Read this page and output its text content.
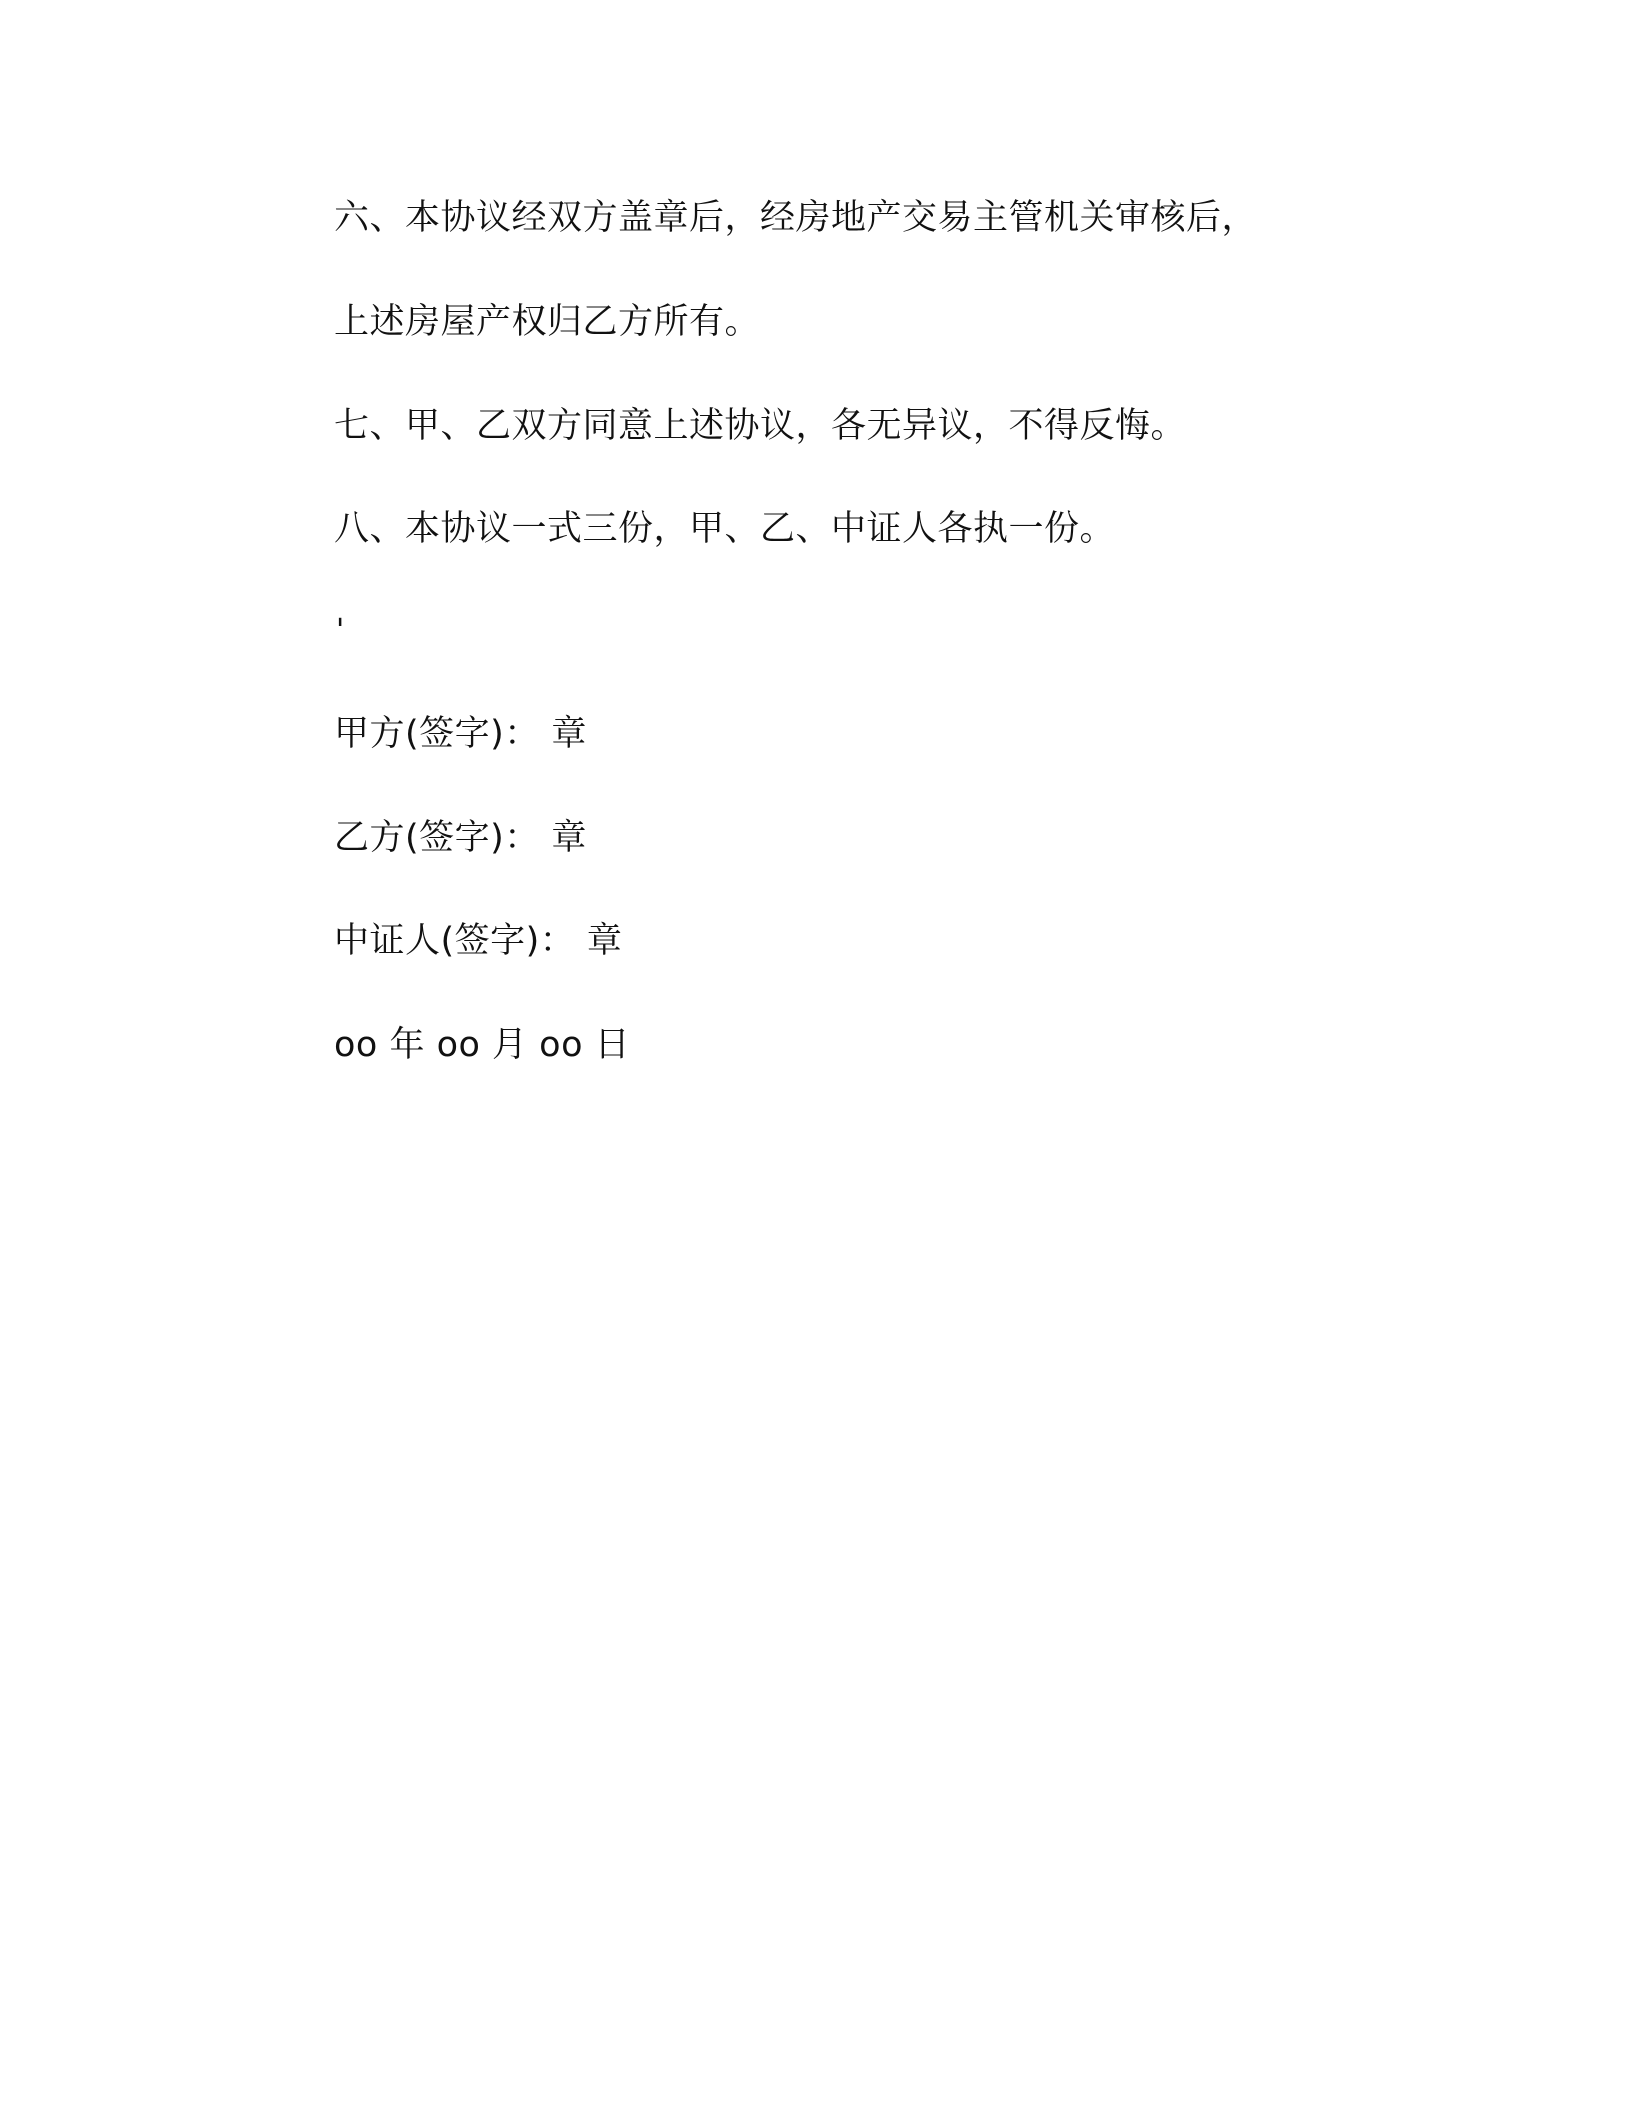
六、本协议经双方盖章后，经房地产交易主管机关审核后，
上述房屋产权归乙方所有。
七、甲、乙双方同意上述协议，各无异议，不得反悔。
八、本协议一式三份，甲、乙、中证人各执一份。
'
甲方(签字)： 章
乙方(签字)： 章
中证人(签字)： 章
oo 年 oo 月 oo 日
